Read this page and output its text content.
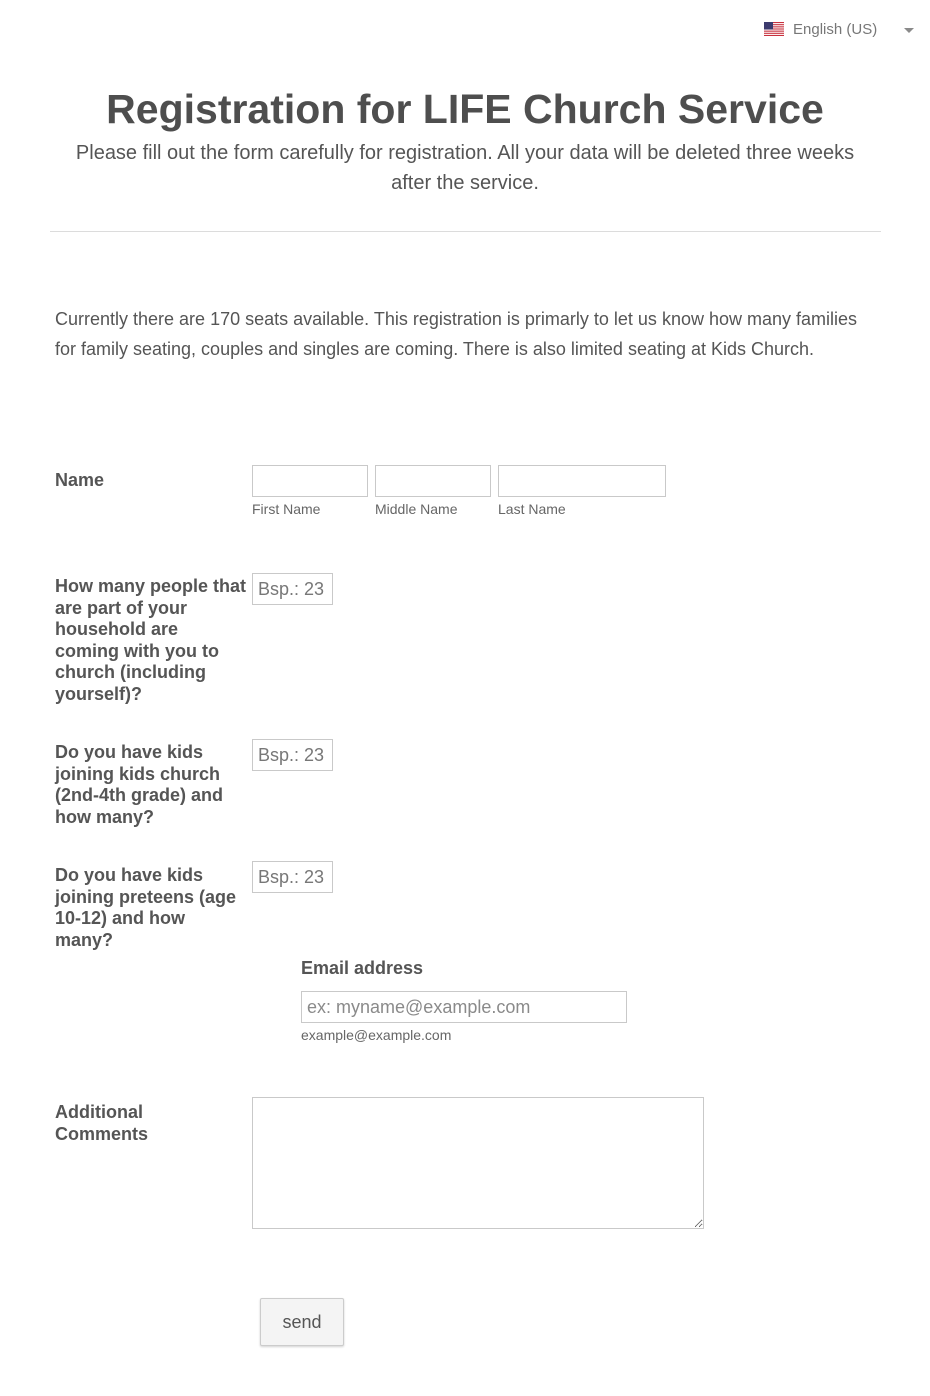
English (US)
Registration for LIFE Church Service

Please fill out the form carefully for registration. All your data will be deleted three weeks after the service.

Currently there are 170 seats available. This registration is primarly to let us know how many families for family seating, couples and singles are coming. There is also limited seating at Kids Church.

Name
First Name	Middle Name	Last Name
How many people that are part of your household are coming with you to church (including yourself)?
Bsp.: 23
Do you have kids joining kids church (2nd-4th grade) and how many?
Bsp.: 23
Do you have kids joining preteens (age 10-12) and how many?
Bsp.: 23
Email address
ex: myname@example.com
example@example.com
Additional Comments
send
